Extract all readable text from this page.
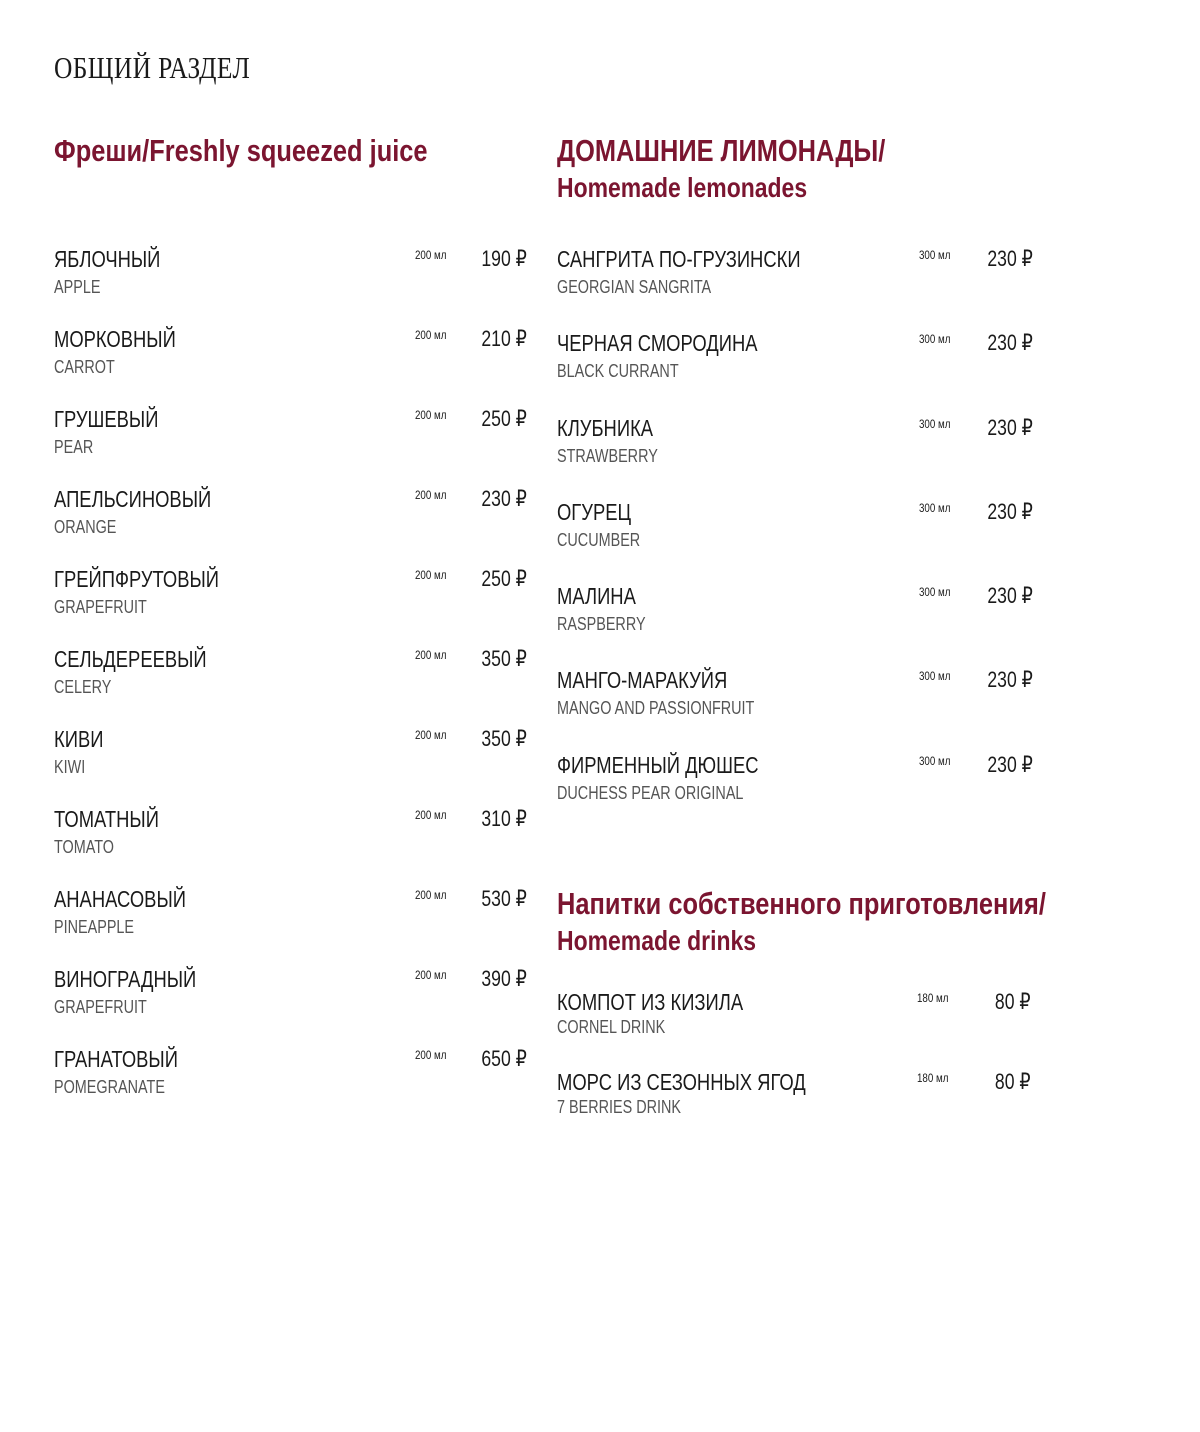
ОБЩИЙ РАЗДЕЛ
Фреши/Freshly squeezed juice
ЯБЛОЧНЫЙ
APPLE
200 мл 190 ₽
МОРКОВНЫЙ
CARROT
200 мл 210 ₽
ГРУШЕВЫЙ
PEAR
200 мл 250 ₽
АПЕЛЬСИНОВЫЙ
ORANGE
200 мл 230 ₽
ГРЕЙПФРУТОВЫЙ
GRAPEFRUIT
200 мл 250 ₽
СЕЛЬДЕРЕЕВЫЙ
CELERY
200 мл 350 ₽
КИВИ
KIWI
200 мл 350 ₽
ТОМАТНЫЙ
TOMATO
200 мл 310 ₽
АНАНАСОВЫЙ
PINEAPPLE
200 мл 530 ₽
ВИНОГРАДНЫЙ
GRAPEFRUIT
200 мл 390 ₽
ГРАНАТОВЫЙ
POMEGRANATE
200 мл 650 ₽
ДОМАШНИЕ ЛИМОНАДЫ/
Homemade lemonades
САНГРИТА ПО-ГРУЗИНСКИ
GEORGIAN SANGRITA
300 мл 230 ₽
ЧЕРНАЯ СМОРОДИНА
BLACK CURRANT
300 мл 230 ₽
КЛУБНИКА
STRAWBERRY
300 мл 230 ₽
ОГУРЕЦ
CUCUMBER
300 мл 230 ₽
МАЛИНА
RASPBERRY
300 мл 230 ₽
МАНГО-МАРАКУЙЯ
MANGO AND PASSIONFRUIT
300 мл 230 ₽
ФИРМЕННЫЙ ДЮШЕС
DUCHESS PEAR ORIGINAL
300 мл 230 ₽
Напитки собственного приготовления/
Homemade drinks
КОМПОТ ИЗ КИЗИЛА
CORNEL DRINK
180 мл 80 ₽
МОРС ИЗ СЕЗОННЫХ ЯГОД
7 BERRIES DRINK
180 мл 80 ₽
